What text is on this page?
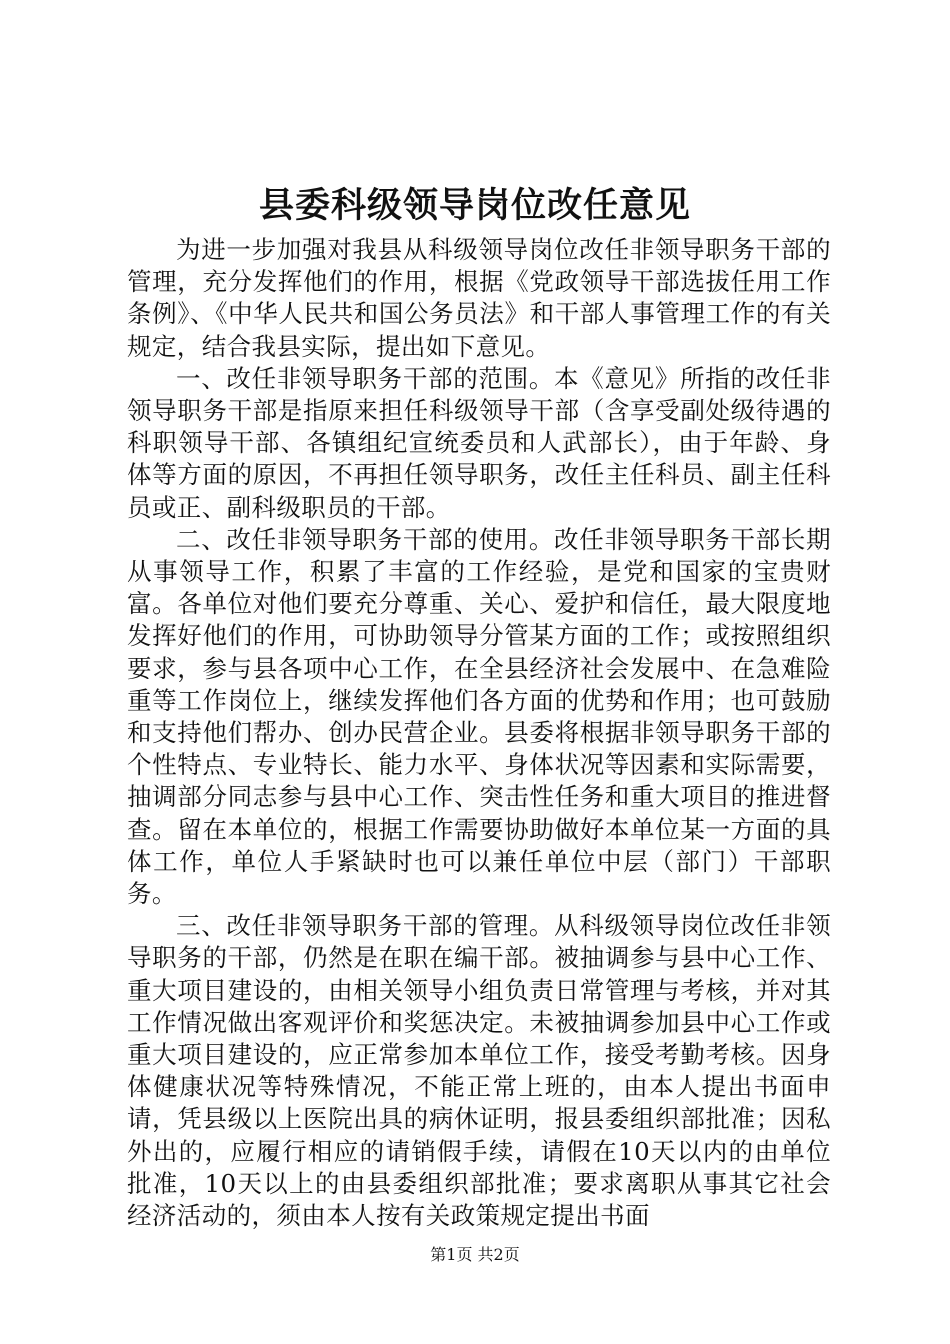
县委科级领导岗位改任意见

为进一步加强对我县从科级领导岗位改任非领导职务干部的管理，充分发挥他们的作用，根据《党政领导干部选拔任用工作条例》、《中华人民共和国公务员法》和干部人事管理工作的有关规定，结合我县实际，提出如下意见。

一、改任非领导职务干部的范围。本《意见》所指的改任非领导职务干部是指原来担任科级领导干部（含享受副处级待遇的科职领导干部、各镇组纪宣统委员和人武部长），由于年龄、身体等方面的原因，不再担任领导职务，改任主任科员、副主任科员或正、副科级职员的干部。

二、改任非领导职务干部的使用。改任非领导职务干部长期从事领导工作，积累了丰富的工作经验，是党和国家的宝贵财富。各单位对他们要充分尊重、关心、爱护和信任，最大限度地发挥好他们的作用，可协助领导分管某方面的工作；或按照组织要求，参与县各项中心工作，在全县经济社会发展中、在急难险重等工作岗位上，继续发挥他们各方面的优势和作用；也可鼓励和支持他们帮办、创办民营企业。县委将根据非领导职务干部的个性特点、专业特长、能力水平、身体状况等因素和实际需要，抽调部分同志参与县中心工作、突击性任务和重大项目的推进督查。留在本单位的，根据工作需要协助做好本单位某一方面的具体工作，单位人手紧缺时也可以兼任单位中层（部门）干部职务。

三、改任非领导职务干部的管理。从科级领导岗位改任非领导职务的干部，仍然是在职在编干部。被抽调参与县中心工作、重大项目建设的，由相关领导小组负责日常管理与考核，并对其工作情况做出客观评价和奖惩决定。未被抽调参加县中心工作或重大项目建设的，应正常参加本单位工作，接受考勤考核。因身体健康状况等特殊情况，不能正常上班的，由本人提出书面申请，凭县级以上医院出具的病休证明，报县委组织部批准；因私外出的，应履行相应的请销假手续，请假在10天以内的由单位批准，10天以上的由县委组织部批准；要求离职从事其它社会经济活动的，须由本人按有关政策规定提出书面

第1页 共2页
